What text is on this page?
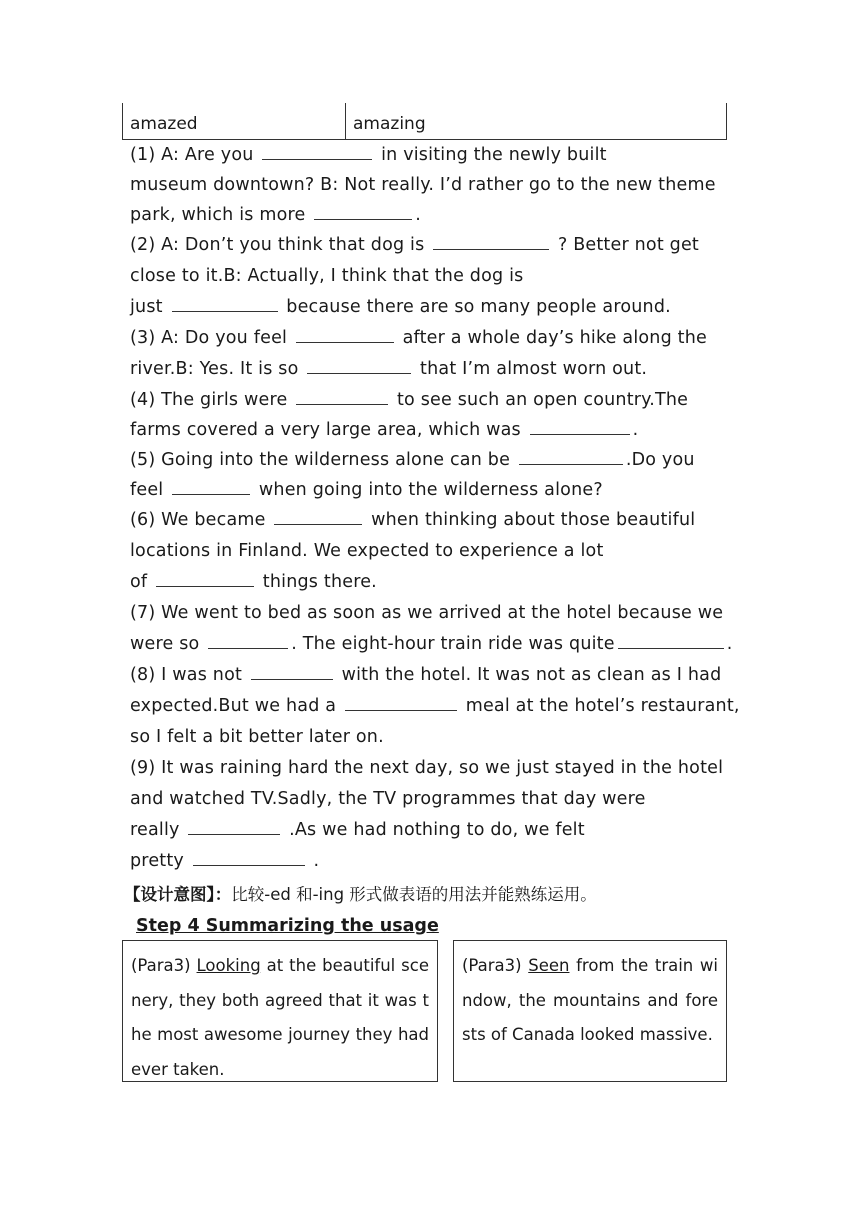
amazed	amazing
(1) A: Are you	in visiting the newly built
museum downtown? B: Not really. I’d rather go to the new theme
park, which is more	.
(2) A: Don’t you think that dog is	? Better not get
close to it.B: Actually, I think that the dog is
just	because there are so many people around.
(3) A: Do you feel	after a whole day’s hike along the
river.B: Yes. It is so	that I’m almost worn out.
(4) The girls were	to see such an open country.The
farms covered a very large area, which was	.
(5) Going into the wilderness alone can be	.Do you
feel	when going into the wilderness alone?
(6) We became	when thinking about those beautiful
locations in Finland. We expected to experience a lot
of	things there.
(7) We went to bed as soon as we arrived at the hotel because we
were so	. The eight-hour train ride was quite	.
(8) I was not	with the hotel. It was not as clean as I had
expected.But we had a	meal at the hotel’s restaurant,
so I felt a bit better later on.
(9) It was raining hard the next day, so we just stayed in the hotel
and watched TV.Sadly, the TV programmes that day were
really	.As we had nothing to do, we felt
pretty	.
【设计意图】：比较-ed 和-ing 形式做表语的用法并能熟练运用。
Step 4 Summarizing the usage
(Para3) Looking at the beautiful scenery, they both agreed that it was the most awesome journey they had ever taken.
(Para3) Seen from the train window, the mountains and forests of Canada looked massive.
